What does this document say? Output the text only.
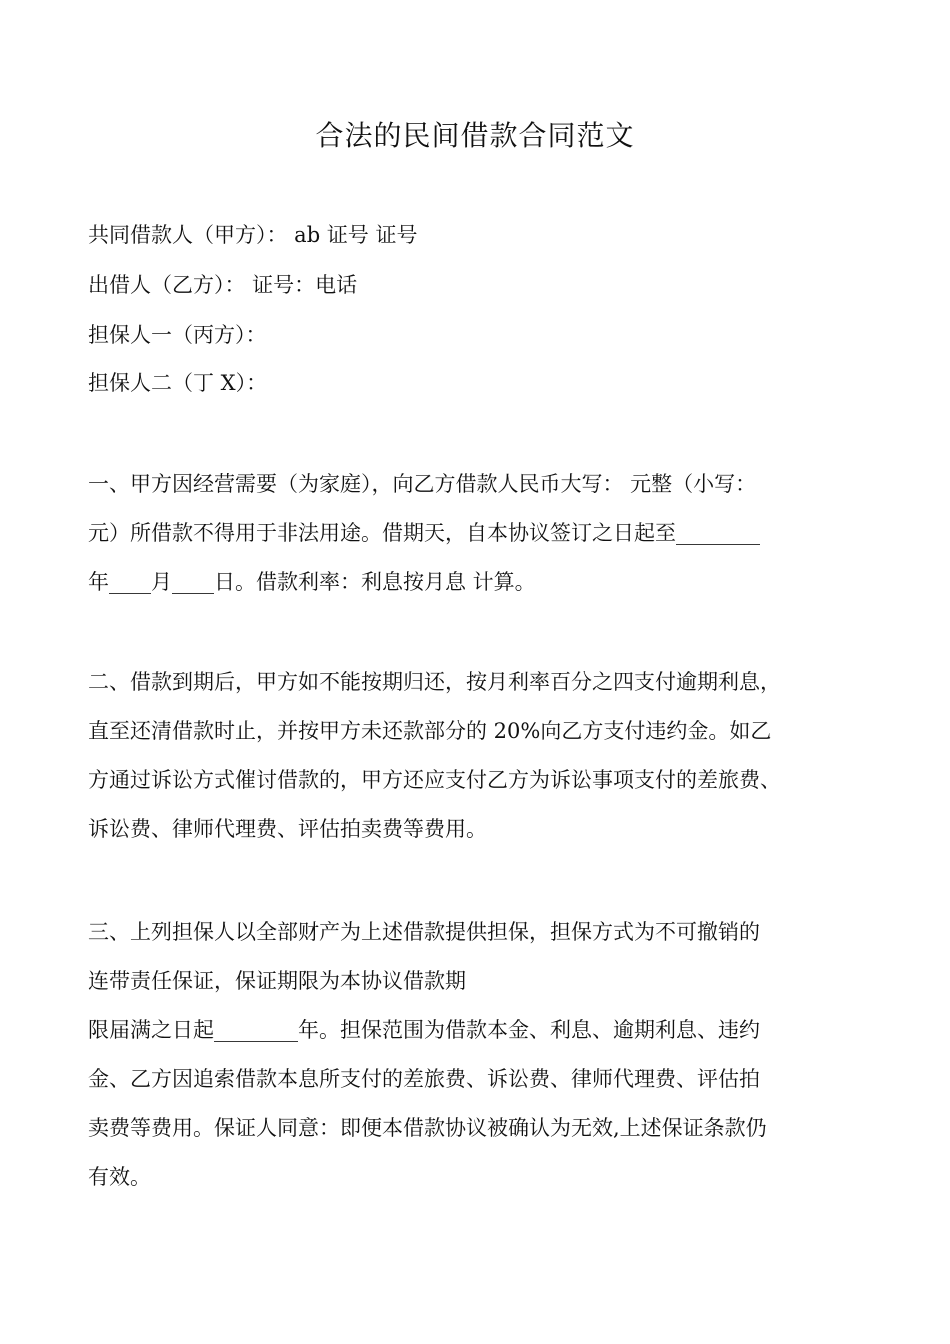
合法的民间借款合同范文
共同借款人（甲方）： ab 证号 证号
出借人（乙方）： 证号：电话
担保人一（丙方）：
担保人二（丁 X）：
一、甲方因经营需要（为家庭），向乙方借款人民币大写： 元整（小写：
元）所借款不得用于非法用途。借期天，自本协议签订之日起至________
年____月____日。借款利率：利息按月息 计算。
二、借款到期后，甲方如不能按期归还，按月利率百分之四支付逾期利息，
直至还清借款时止，并按甲方未还款部分的 20%向乙方支付违约金。如乙
方通过诉讼方式催讨借款的，甲方还应支付乙方为诉讼事项支付的差旅费、
诉讼费、律师代理费、评估拍卖费等费用。
三、上列担保人以全部财产为上述借款提供担保，担保方式为不可撤销的
连带责任保证，保证期限为本协议借款期
限届满之日起________年。担保范围为借款本金、利息、逾期利息、违约
金、乙方因追索借款本息所支付的差旅费、诉讼费、律师代理费、评估拍
卖费等费用。保证人同意：即便本借款协议被确认为无效,上述保证条款仍
有效。
